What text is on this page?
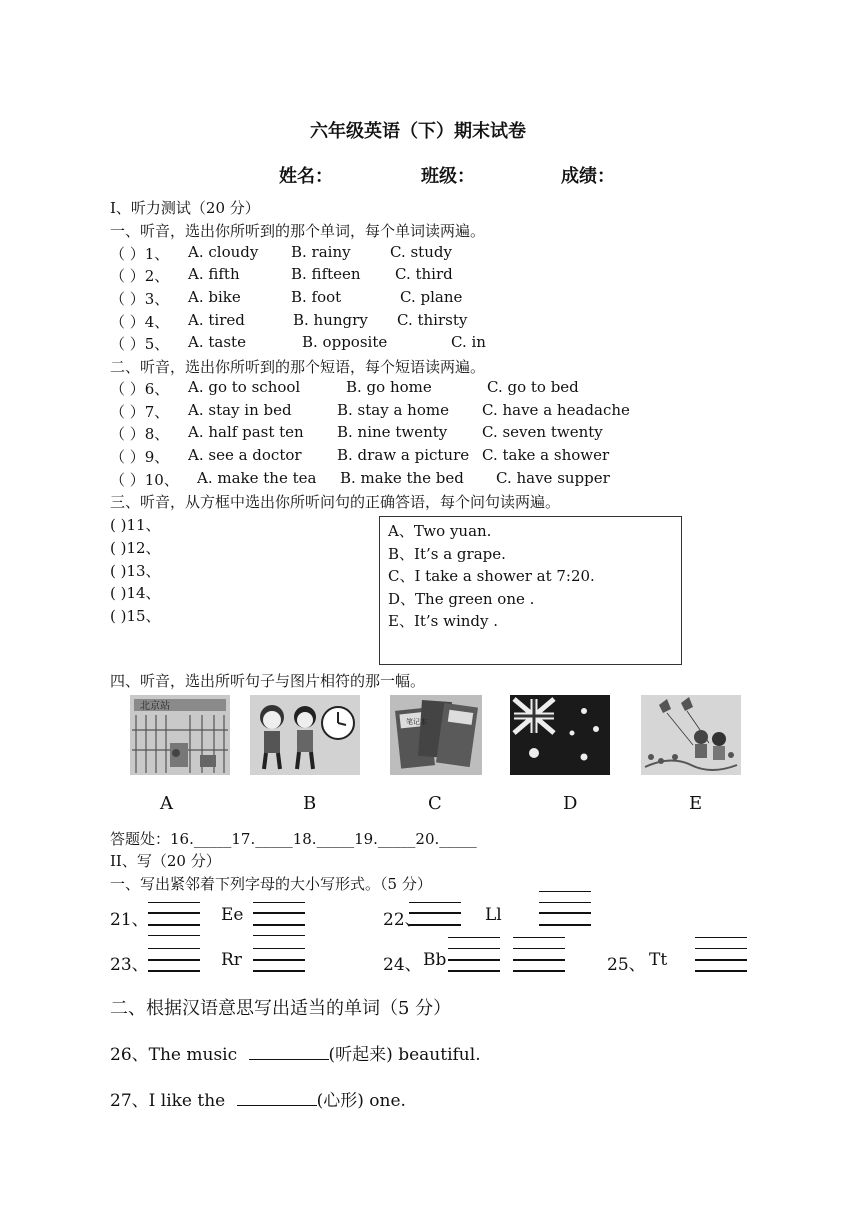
六年级英语（下）期末试卷
姓名：	班级：	成绩：
I、听力测试（20 分）
一、听音，选出你所听到的那个单词，每个单词读两遍。
（ ）1、 A. cloudy B. rainy	C. study
（ ）2、 A. fifth	B. fifteen C. third
（ ）3、 A. bike	B. foot	C. plane
（ ）4、 A. tired	B. hungry C. thirsty
（ ）5、 A. taste	B. opposite	C. in
二、听音，选出你所听到的那个短语，每个短语读两遍。
（ ）6、 A. go to school	B. go home	C. go to bed
（ ）7、 A. stay in bed	B. stay a home C. have a headache
（ ）8、 A. half past ten B. nine twenty C. seven twenty
（ ）9、 A. see a doctor B. draw a picture C. take a shower
（ ）10、 A. make the tea B. make the bed C. have supper
三、听音，从方框中选出你所听问句的正确答语，每个问句读两遍。
( )11、
( )12、
( )13、
( )14、
( )15、
A、Two yuan.
B、It’s a grape.
C、I take a shower at 7:20.
D、The green one .
E、It’s windy .
四、听音，选出所听句子与图片相符的那一幅。
北京站
笔记本
A	B	C	D	E
答题处：16._____17._____18._____19._____20._____
II、写（20 分）
一、写出紧邻着下列字母的大小写形式。（5 分）
21、	Ee	22、	Ll
23、	Rr	24、 Bb	25、 Tt
二、根据汉语意思写出适当的单词（5 分）
26、The music	(听起来) beautiful.
27、I like the	(心形) one.
